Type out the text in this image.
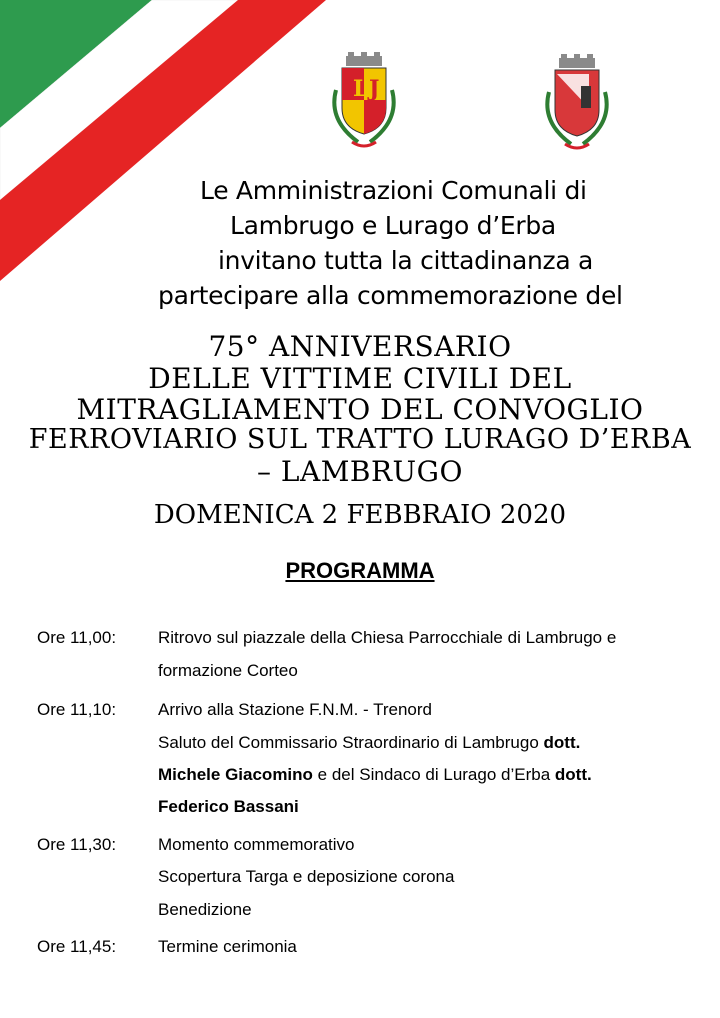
L J
Le Amministrazioni Comunali di
Lambrugo e Lurago d’Erba
invitano tutta la cittadinanza a
partecipare alla commemorazione del
75° ANNIVERSARIO
DELLE VITTIME CIVILI DEL
MITRAGLIAMENTO DEL CONVOGLIO
FERROVIARIO SUL TRATTO LURAGO D’ERBA
– LAMBRUGO
DOMENICA 2 FEBBRAIO 2020
PROGRAMMA
Ore 11,00: Ritrovo sul piazzale della Chiesa Parrocchiale di Lambrugo e
formazione Corteo
Ore 11,10: Arrivo alla Stazione F.N.M. - Trenord
Saluto del Commissario Straordinario di Lambrugo dott.
Michele Giacomino e del Sindaco di Lurago d’Erba dott.
Federico Bassani
Ore 11,30: Momento commemorativo
Scopertura Targa e deposizione corona
Benedizione
Ore 11,45: Termine cerimonia
